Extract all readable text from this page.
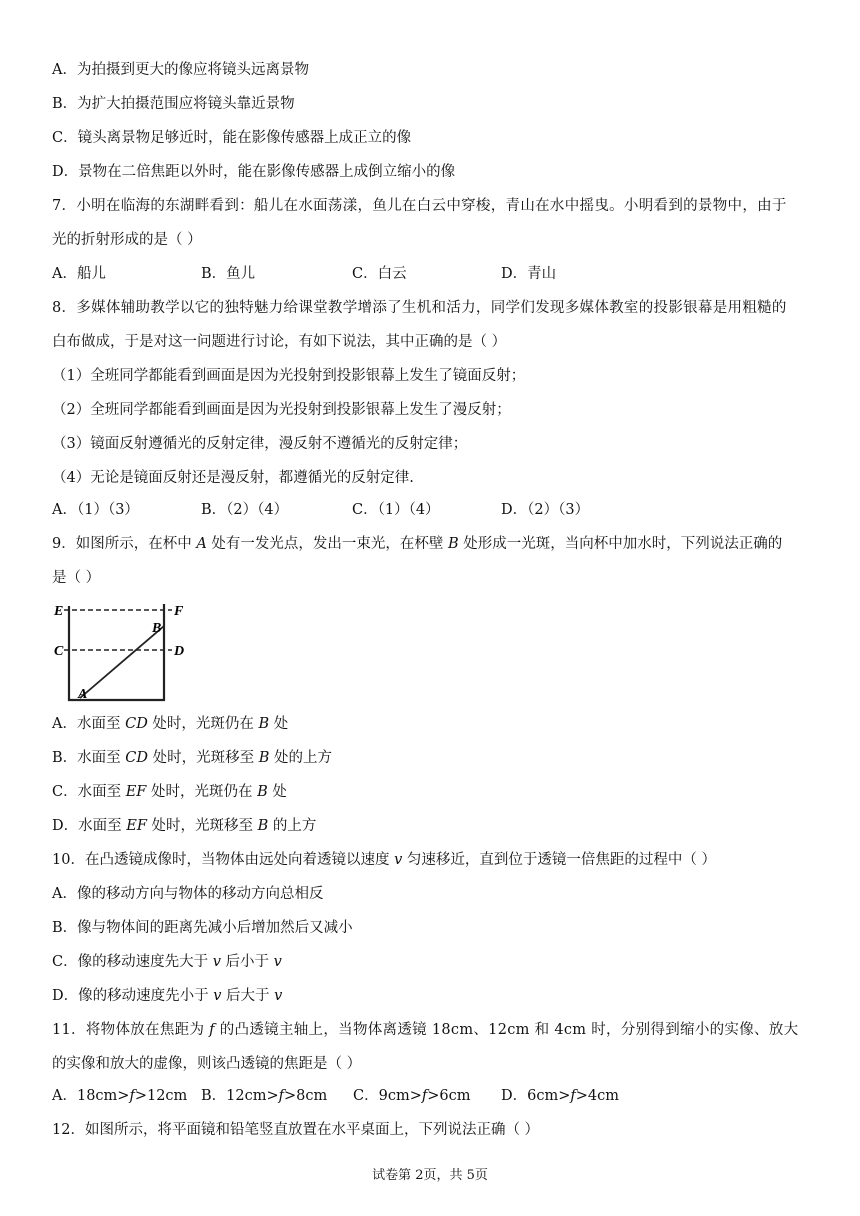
A．为拍摄到更大的像应将镜头远离景物
B．为扩大拍摄范围应将镜头靠近景物
C．镜头离景物足够近时，能在影像传感器上成正立的像
D．景物在二倍焦距以外时，能在影像传感器上成倒立缩小的像
7．小明在临海的东湖畔看到：船儿在水面荡漾，鱼儿在白云中穿梭，青山在水中摇曳。小明看到的景物中，由于
光的折射形成的是（ ）
A．船儿	B．鱼儿	C．白云	D．青山
8．多媒体辅助教学以它的独特魅力给课堂教学增添了生机和活力，同学们发现多媒体教室的投影银幕是用粗糙的
白布做成，于是对这一问题进行讨论，有如下说法，其中正确的是（ ）
（1）全班同学都能看到画面是因为光投射到投影银幕上发生了镜面反射；
（2）全班同学都能看到画面是因为光投射到投影银幕上发生了漫反射；
（3）镜面反射遵循光的反射定律，漫反射不遵循光的反射定律；
（4）无论是镜面反射还是漫反射，都遵循光的反射定律.
A．（1）（3）	B．（2）（4）	C．（1）（4）	D．（2）（3）
9．如图所示，在杯中 A 处有一发光点，发出一束光，在杯壁 B 处形成一光斑，当向杯中加水时，下列说法正确的
是（ ）
E	F
C	D
B
A
A．水面至 CD 处时，光斑仍在 B 处
B．水面至 CD 处时，光斑移至 B 处的上方
C．水面至 EF 处时，光斑仍在 B 处
D．水面至 EF 处时，光斑移至 B 的上方
10．在凸透镜成像时，当物体由远处向着透镜以速度 v 匀速移近，直到位于透镜一倍焦距的过程中（ ）
A．像的移动方向与物体的移动方向总相反
B．像与物体间的距离先减小后增加然后又减小
C．像的移动速度先大于 v 后小于 v
D．像的移动速度先小于 v 后大于 v
11．将物体放在焦距为 f 的凸透镜主轴上，当物体离透镜 18cm、12cm 和 4cm 时，分别得到缩小的实像、放大
的实像和放大的虚像，则该凸透镜的焦距是（ ）
A．18cm>f>12cm B．12cm>f>8cm C．9cm>f>6cm D．6cm>f>4cm
12．如图所示，将平面镜和铅笔竖直放置在水平桌面上，下列说法正确（ ）
试卷第 2页，共 5页
